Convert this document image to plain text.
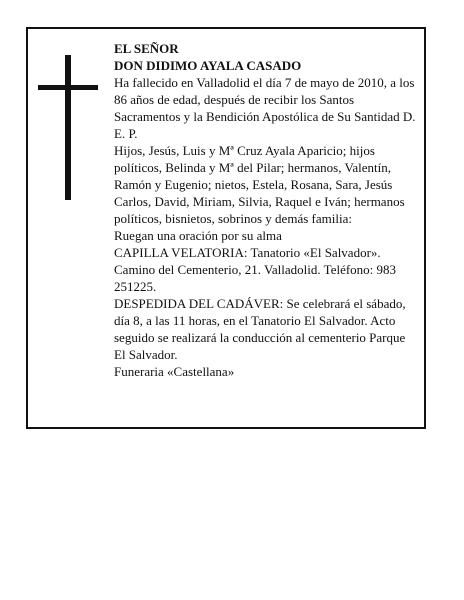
EL SEÑOR

DON DIDIMO AYALA CASADO

Ha fallecido en Valladolid el día 7 de mayo de 2010, a los 86 años de edad, después de recibir los Santos Sacramentos y la Bendición Apostólica de Su Santidad D. E. P.

Hijos, Jesús, Luis y Mª Cruz Ayala Aparicio; hijos políticos, Belinda y Mª del Pilar; hermanos, Valentín, Ramón y Eugenio; nietos, Estela, Rosana, Sara, Jesús Carlos, David, Miriam, Silvia, Raquel e Iván; hermanos políticos, bisnietos, sobrinos y demás familia:

Ruegan una oración por su alma

CAPILLA VELATORIA: Tanatorio «El Salvador». Camino del Cementerio, 21. Valladolid. Teléfono: 983 251225.

DESPEDIDA DEL CADÁVER: Se celebrará el sábado, día 8, a las 11 horas, en el Tanatorio El Salvador. Acto seguido se realizará la conducción al cementerio Parque El Salvador.

Funeraria «Castellana»
